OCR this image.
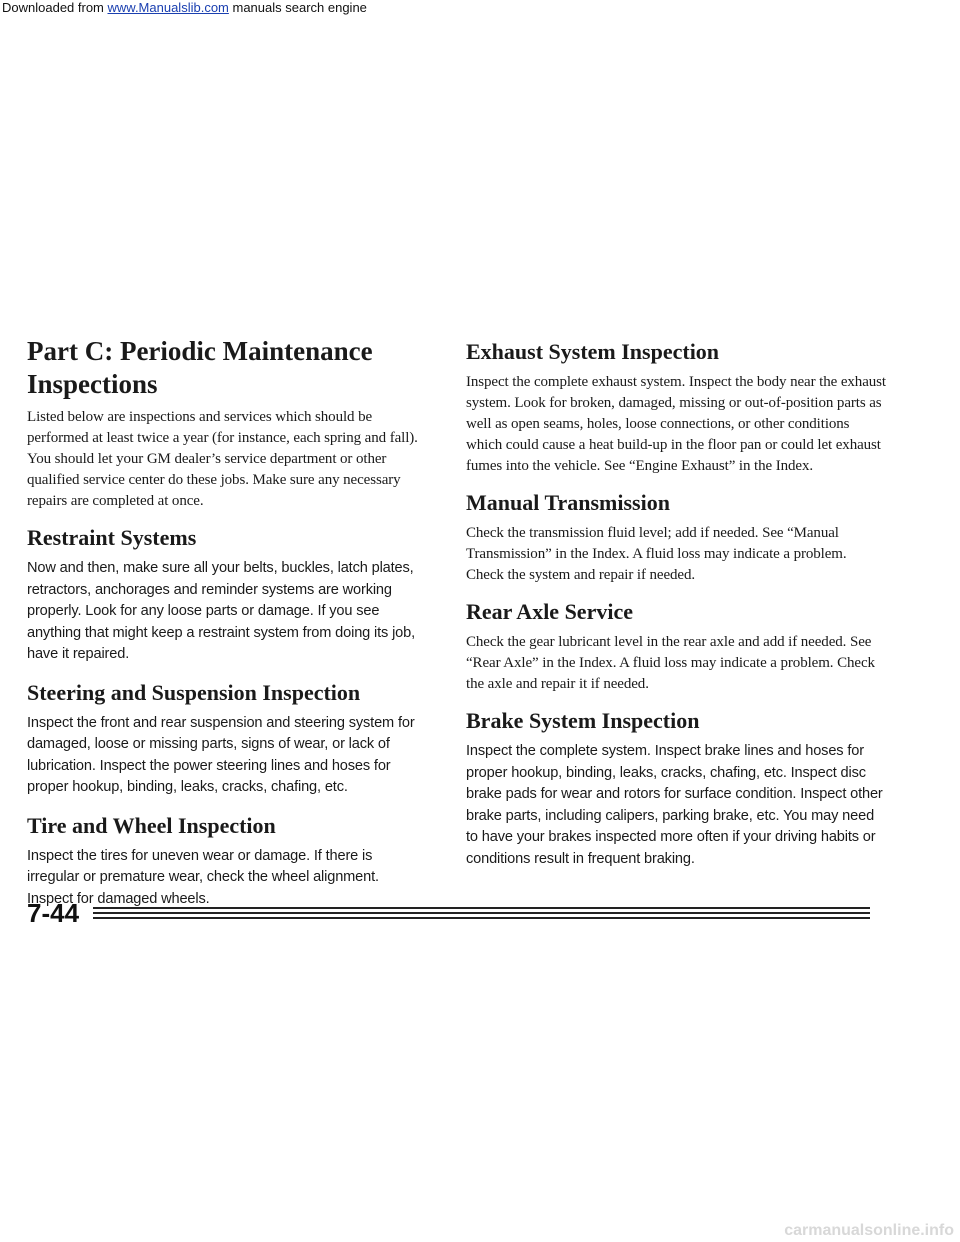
Downloaded from www.Manualslib.com manuals search engine
Part C: Periodic Maintenance Inspections

Listed below are inspections and services which should be performed at least twice a year (for instance, each spring and fall). You should let your GM dealer’s service department or other qualified service center do these jobs. Make sure any necessary repairs are completed at once.

Restraint Systems

Now and then, make sure all your belts, buckles, latch plates, retractors, anchorages and reminder systems are working properly. Look for any loose parts or damage. If you see anything that might keep a restraint system from doing its job, have it repaired.

Steering and Suspension Inspection

Inspect the front and rear suspension and steering system for damaged, loose or missing parts, signs of wear, or lack of lubrication. Inspect the power steering lines and hoses for proper hookup, binding, leaks, cracks, chafing, etc.

Tire and Wheel Inspection

Inspect the tires for uneven wear or damage. If there is irregular or premature wear, check the wheel alignment. Inspect for damaged wheels.

Exhaust System Inspection

Inspect the complete exhaust system. Inspect the body near the exhaust system. Look for broken, damaged, missing or out-of-position parts as well as open seams, holes, loose connections, or other conditions which could cause a heat build-up in the floor pan or could let exhaust fumes into the vehicle. See “Engine Exhaust” in the Index.

Manual Transmission

Check the transmission fluid level; add if needed. See “Manual Transmission” in the Index. A fluid loss may indicate a problem. Check the system and repair if needed.

Rear Axle Service

Check the gear lubricant level in the rear axle and add if needed. See “Rear Axle” in the Index. A fluid loss may indicate a problem. Check the axle and repair it if needed.

Brake System Inspection

Inspect the complete system. Inspect brake lines and hoses for proper hookup, binding, leaks, cracks, chafing, etc. Inspect disc brake pads for wear and rotors for surface condition. Inspect other brake parts, including calipers, parking brake, etc. You may need to have your brakes inspected more often if your driving habits or conditions result in frequent braking.

7-44
carmanualsonline.info
